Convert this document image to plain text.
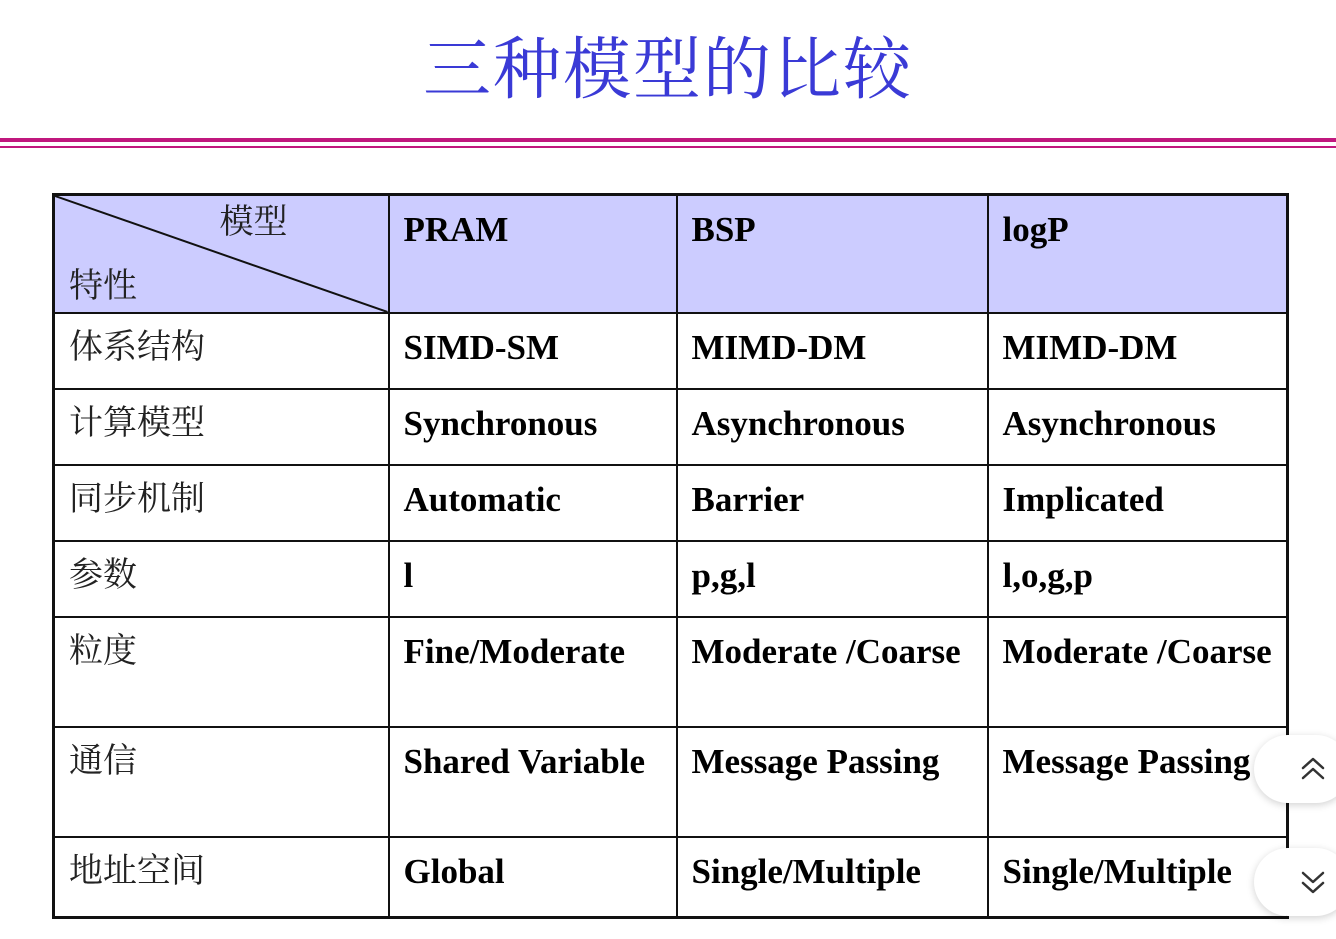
三种模型的比较
模型
特性	PRAM	BSP	logP
体系结构	SIMD-SM	MIMD-DM	MIMD-DM
计算模型	Synchronous	Asynchronous	Asynchronous
同步机制	Automatic	Barrier	Implicated
参数	l	p,g,l	l,o,g,p
粒度	Fine/Moderate	Moderate /Coarse	Moderate /Coarse
通信	Shared Variable	Message Passing	Message Passing
地址空间	Global	Single/Multiple	Single/Multiple
